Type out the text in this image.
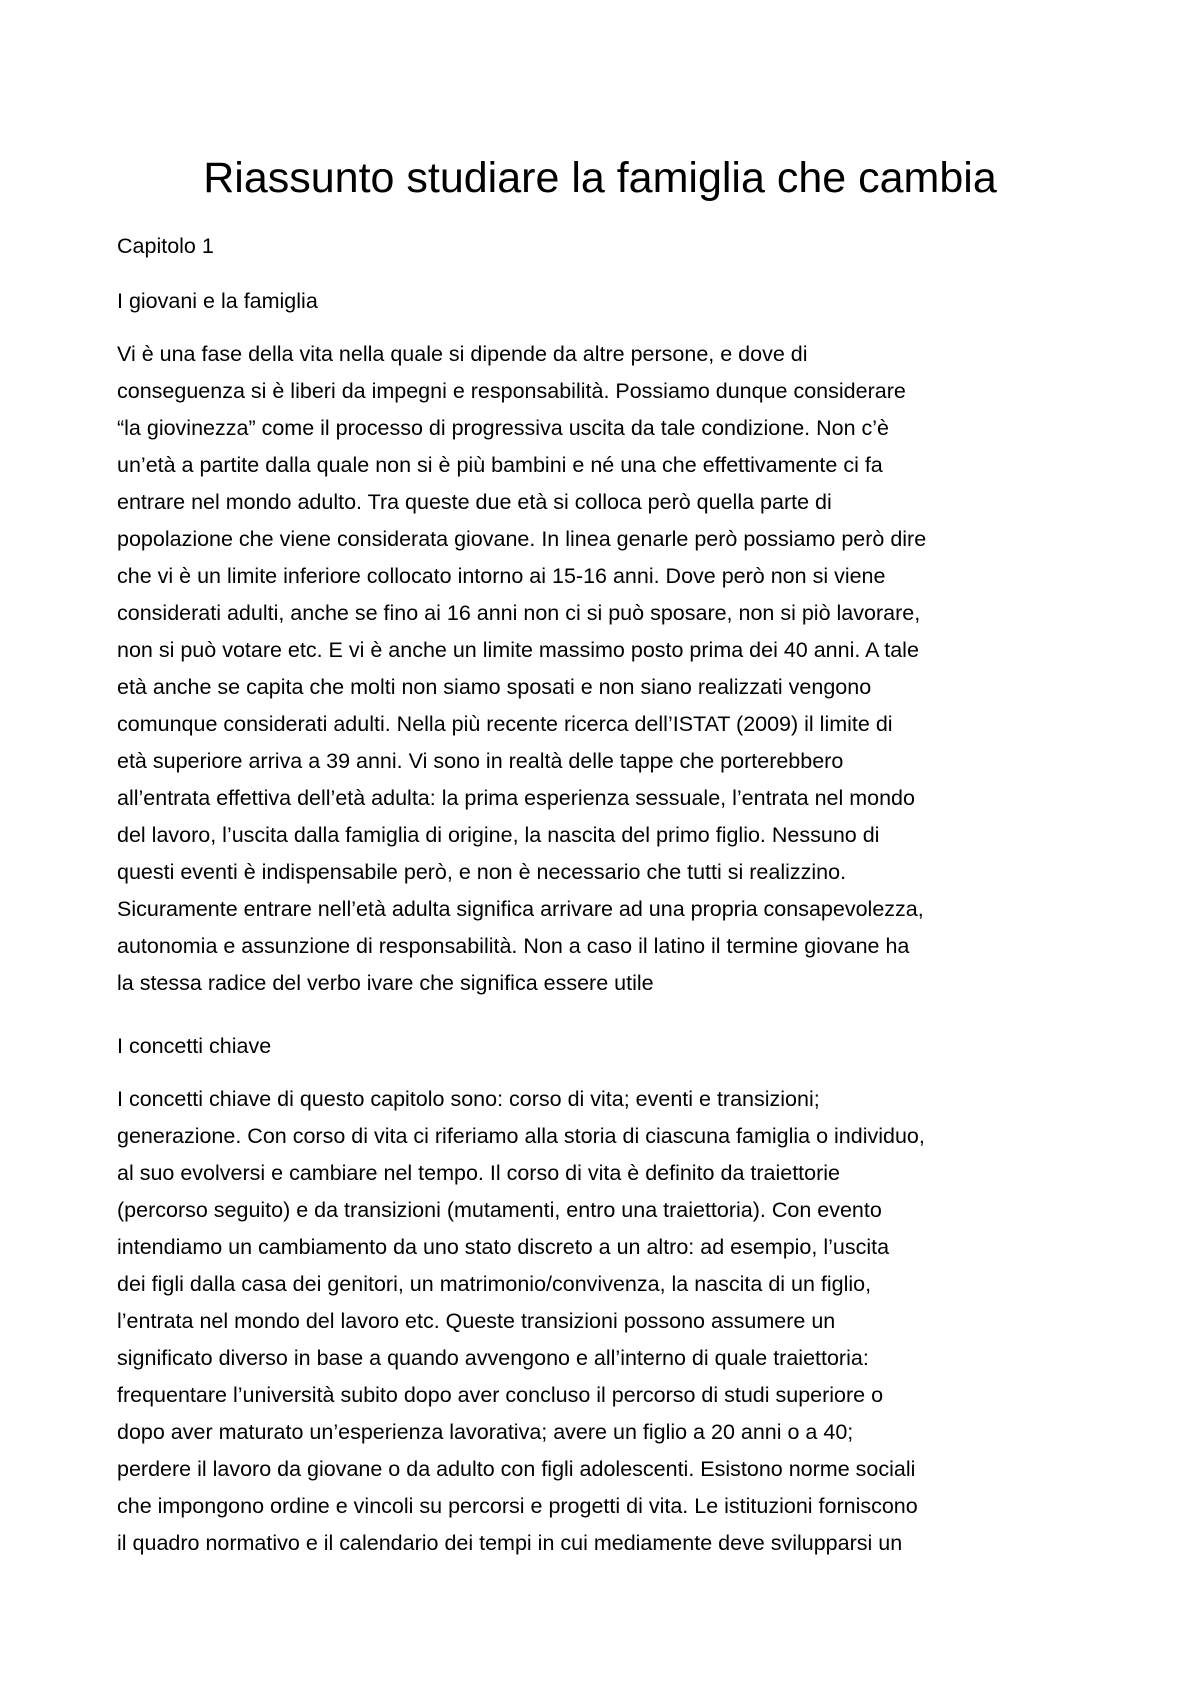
Riassunto studiare la famiglia che cambia
Capitolo 1
I giovani e la famiglia
Vi è una fase della vita nella quale si dipende da altre persone, e dove di
conseguenza si è liberi da impegni e responsabilità. Possiamo dunque considerare
“la giovinezza” come il processo di progressiva uscita da tale condizione. Non c’è
un’età a partite dalla quale non si è più bambini e né una che effettivamente ci fa
entrare nel mondo adulto. Tra queste due età si colloca però quella parte di
popolazione che viene considerata giovane. In linea genarle però possiamo però dire
che vi è un limite inferiore collocato intorno ai 15-16 anni. Dove però non si viene
considerati adulti, anche se fino ai 16 anni non ci si può sposare, non si piò lavorare,
non si può votare etc. E vi è anche un limite massimo posto prima dei 40 anni. A tale
età anche se capita che molti non siamo sposati e non siano realizzati vengono
comunque considerati adulti. Nella più recente ricerca dell’ISTAT (2009) il limite di
età superiore arriva a 39 anni. Vi sono in realtà delle tappe che porterebbero
all’entrata effettiva dell’età adulta: la prima esperienza sessuale, l’entrata nel mondo
del lavoro, l’uscita dalla famiglia di origine, la nascita del primo figlio. Nessuno di
questi eventi è indispensabile però, e non è necessario che tutti si realizzino.
Sicuramente entrare nell’età adulta significa arrivare ad una propria consapevolezza,
autonomia e assunzione di responsabilità. Non a caso il latino il termine giovane ha
la stessa radice del verbo ivare che significa essere utile
I concetti chiave
I concetti chiave di questo capitolo sono: corso di vita; eventi e transizioni;
generazione. Con corso di vita ci riferiamo alla storia di ciascuna famiglia o individuo,
al suo evolversi e cambiare nel tempo. Il corso di vita è definito da traiettorie
(percorso seguito) e da transizioni (mutamenti, entro una traiettoria). Con evento
intendiamo un cambiamento da uno stato discreto a un altro: ad esempio, l’uscita
dei figli dalla casa dei genitori, un matrimonio/convivenza, la nascita di un figlio,
l’entrata nel mondo del lavoro etc. Queste transizioni possono assumere un
significato diverso in base a quando avvengono e all’interno di quale traiettoria:
frequentare l’università subito dopo aver concluso il percorso di studi superiore o
dopo aver maturato un’esperienza lavorativa; avere un figlio a 20 anni o a 40;
perdere il lavoro da giovane o da adulto con figli adolescenti. Esistono norme sociali
che impongono ordine e vincoli su percorsi e progetti di vita. Le istituzioni forniscono
il quadro normativo e il calendario dei tempi in cui mediamente deve svilupparsi un
